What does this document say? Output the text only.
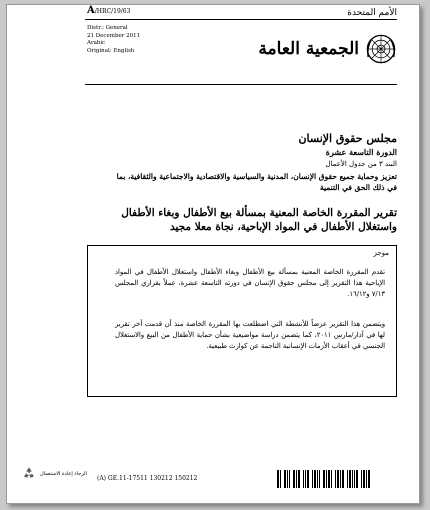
A/HRC/19/63	الأمم المتحدة
Distr.: General
21 December 2011
Arabic
Original: English	الجمعية العامة
مجلس حقوق الإنسان
الدورة التاسعة عشرة
البند ٣ من جدول الأعمال
تعزيز وحماية جميع حقوق الإنسان، المدنية والسياسية والاقتصادية والاجتماعية والثقافية، بما في ذلك الحق في التنمية
تقرير المقررة الخاصة المعنية بمسألة بيع الأطفال وبغاء الأطفال واستغلال الأطفال في المواد الإباحية، نجاة معلا مجيد
موجز
تقدم المقررة الخاصة المعنية بمسألة بيع الأطفال وبغاء الأطفال واستغلال الأطفال في المواد الإباحية هذا التقرير إلى مجلس حقوق الإنسان في دورته التاسعة عشرة، عملاً بقراري المجلس ٧/١٣ و١٦/١٢.
ويتضمن هذا التقرير عرضاً للأنشطة التي اضطلعت بها المقررة الخاصة منذ أن قدمت آخر تقرير لها في آذار/مارس ٢٠١١، كما يتضمن دراسة مواضيعية بشأن حماية الأطفال من البيع والاستغلال الجنسي في أعقاب الأزمات الإنسانية الناجمة عن كوارث طبيعية.
الرجاء إعادة الاستعمال
(A) GE.11-17511 130212 150212
